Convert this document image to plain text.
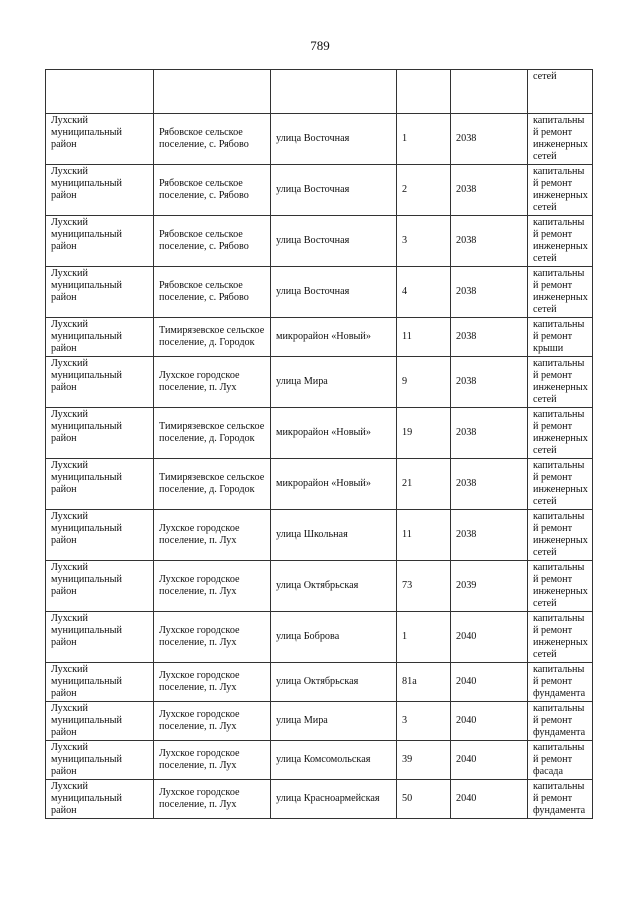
789
					сетей
Лухский муниципальный район	Рябовское сельское поселение, с. Рябово	улица Восточная	1	2038	капитальный ремонт инженерных сетей
Лухский муниципальный район	Рябовское сельское поселение, с. Рябово	улица Восточная	2	2038	капитальный ремонт инженерных сетей
Лухский муниципальный район	Рябовское сельское поселение, с. Рябово	улица Восточная	3	2038	капитальный ремонт инженерных сетей
Лухский муниципальный район	Рябовское сельское поселение, с. Рябово	улица Восточная	4	2038	капитальный ремонт инженерных сетей
Лухский муниципальный район	Тимирязевское сельское поселение, д. Городок	микрорайон «Новый»	11	2038	капитальный ремонт крыши
Лухский муниципальный район	Лухское городское поселение, п. Лух	улица Мира	9	2038	капитальный ремонт инженерных сетей
Лухский муниципальный район	Тимирязевское сельское поселение, д. Городок	микрорайон «Новый»	19	2038	капитальный ремонт инженерных сетей
Лухский муниципальный район	Тимирязевское сельское поселение, д. Городок	микрорайон «Новый»	21	2038	капитальный ремонт инженерных сетей
Лухский муниципальный район	Лухское городское поселение, п. Лух	улица Школьная	11	2038	капитальный ремонт инженерных сетей
Лухский муниципальный район	Лухское городское поселение, п. Лух	улица Октябрьская	73	2039	капитальный ремонт инженерных сетей
Лухский муниципальный район	Лухское городское поселение, п. Лух	улица Боброва	1	2040	капитальный ремонт инженерных сетей
Лухский муниципальный район	Лухское городское поселение, п. Лух	улица Октябрьская	81а	2040	капитальный ремонт фундамента
Лухский муниципальный район	Лухское городское поселение, п. Лух	улица Мира	3	2040	капитальный ремонт фундамента
Лухский муниципальный район	Лухское городское поселение, п. Лух	улица Комсомольская	39	2040	капитальный ремонт фасада
Лухский муниципальный район	Лухское городское поселение, п. Лух	улица Красноармейская	50	2040	капитальный ремонт фундамента
